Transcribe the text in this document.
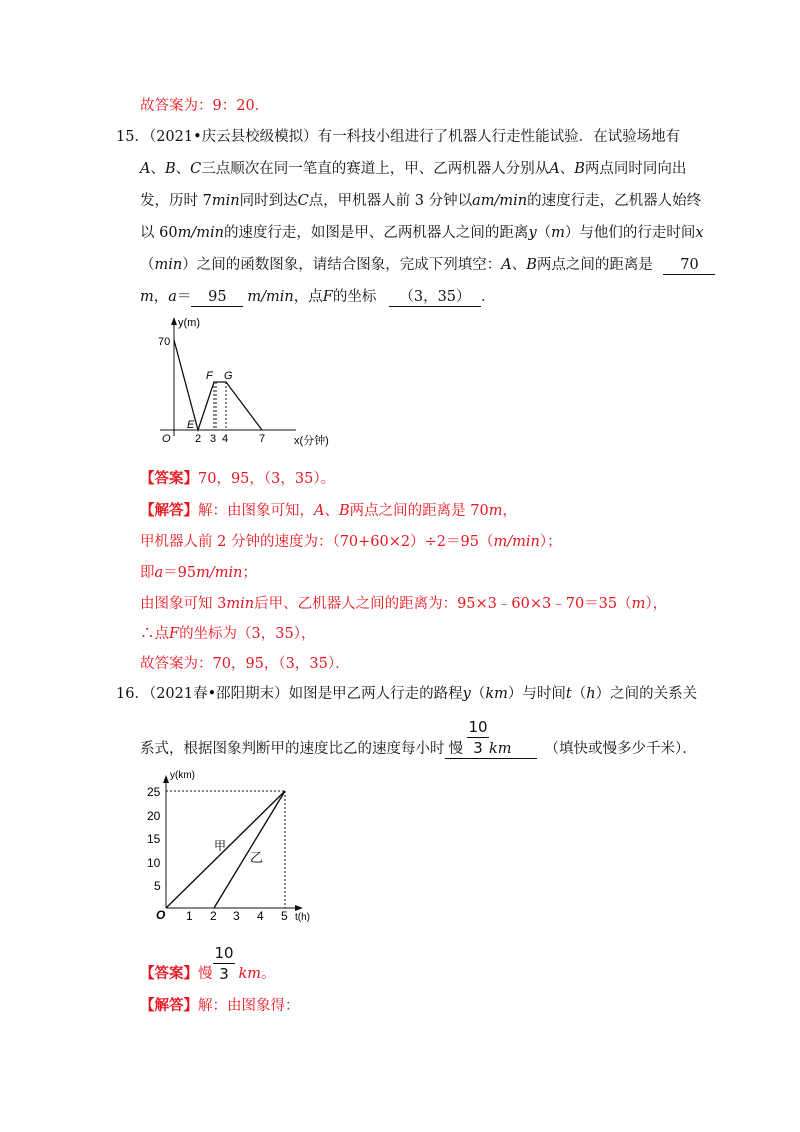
故答案为：9：20．
15．（2021•庆云县校级模拟）有一科技小组进行了机器人行走性能试验．在试验场地有
A、B、C三点顺次在同一笔直的赛道上，甲、乙两机器人分别从A、B两点同时同向出
发，历时 7min同时到达C点，甲机器人前 3 分钟以am/min的速度行走，乙机器人始终
以 60m/min的速度行走，如图是甲、乙两机器人之间的距离y（m）与他们的行走时间x
（min）之间的函数图象，请结合图象，完成下列填空：A、B两点之间的距离是 70
m，a＝ 95 m/min，点F的坐标 （3，35） ．
y(m)
70
O
E
F G
2 3 4	7	x(分钟)
【答案】70，95，（3，35）。
【解答】解：由图象可知，A、B两点之间的距离是 70m，
甲机器人前 2 分钟的速度为：（70+60×2）÷2＝95（m/min）；
即a＝95m/min；
由图象可知 3min后甲、乙机器人之间的距离为：95×3﹣60×3﹣70＝35（m），
∴点F的坐标为（3，35），
故答案为：70，95，（3，35）．
16．（2021春•邵阳期末）如图是甲乙两人行走的路程y（km）与时间t（h）之间的关系关
系式，根据图象判断甲的速度比乙的速度每小时 慢 km （填快或慢多少千米）．
10
3
y(km)
25
20
15
10
5
O 1 2 3 4 5 t(h)
甲
乙
【答案】慢 km。
10
3
【解答】解：由图象得：
